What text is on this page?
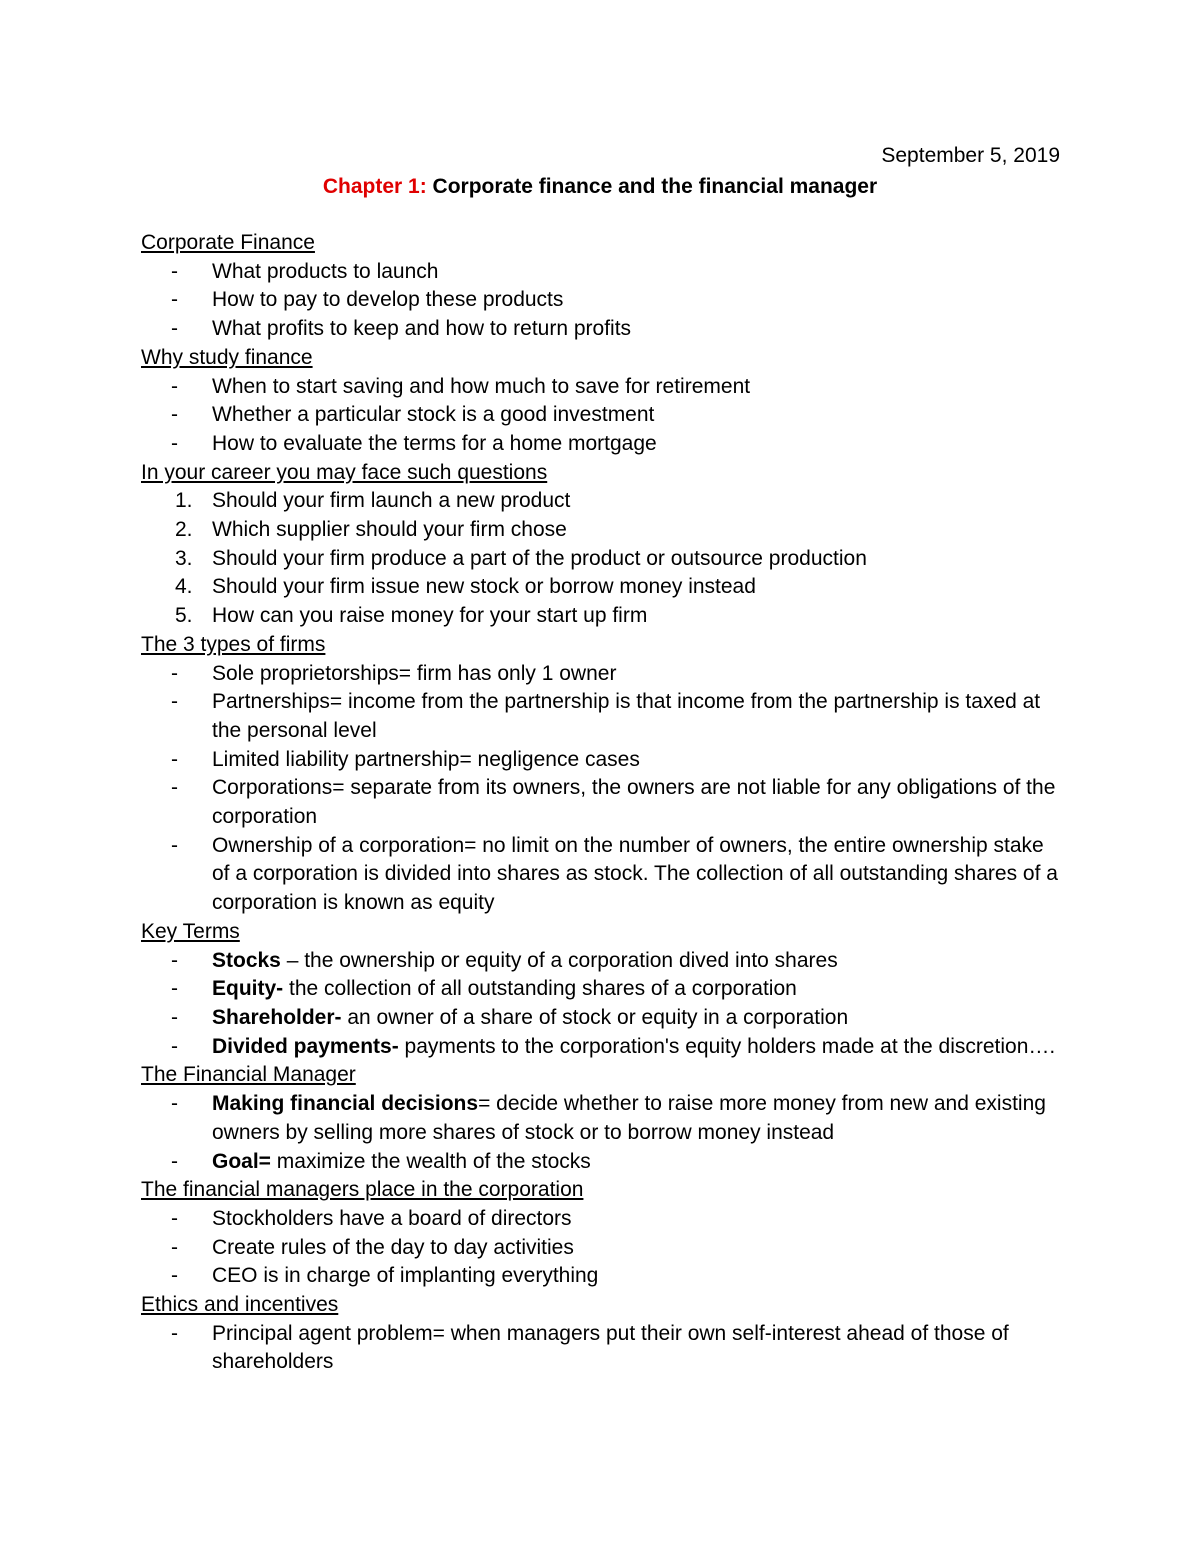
September 5, 2019

Chapter 1: Corporate finance and the financial manager
Corporate Finance
- What products to launch
- How to pay to develop these products
- What profits to keep and how to return profits
Why study finance
- When to start saving and how much to save for retirement
- Whether a particular stock is a good investment
- How to evaluate the terms for a home mortgage
In your career you may face such questions
1. Should your firm launch a new product
2. Which supplier should your firm chose
3. Should your firm produce a part of the product or outsource production
4. Should your firm issue new stock or borrow money instead
5. How can you raise money for your start up firm
The 3 types of firms
- Sole proprietorships= firm has only 1 owner
- Partnerships= income from the partnership is that income from the partnership is taxed at the personal level
- Limited liability partnership= negligence cases
- Corporations= separate from its owners, the owners are not liable for any obligations of the corporation
- Ownership of a corporation= no limit on the number of owners, the entire ownership stake of a corporation is divided into shares as stock. The collection of all outstanding shares of a corporation is known as equity
Key Terms
- Stocks – the ownership or equity of a corporation dived into shares
- Equity- the collection of all outstanding shares of a corporation
- Shareholder- an owner of a share of stock or equity in a corporation
- Divided payments- payments to the corporation's equity holders made at the discretion….
The Financial Manager
- Making financial decisions= decide whether to raise more money from new and existing owners by selling more shares of stock or to borrow money instead
- Goal= maximize the wealth of the stocks
The financial managers place in the corporation
- Stockholders have a board of directors
- Create rules of the day to day activities
- CEO is in charge of implanting everything
Ethics and incentives
- Principal agent problem= when managers put their own self-interest ahead of those of shareholders
